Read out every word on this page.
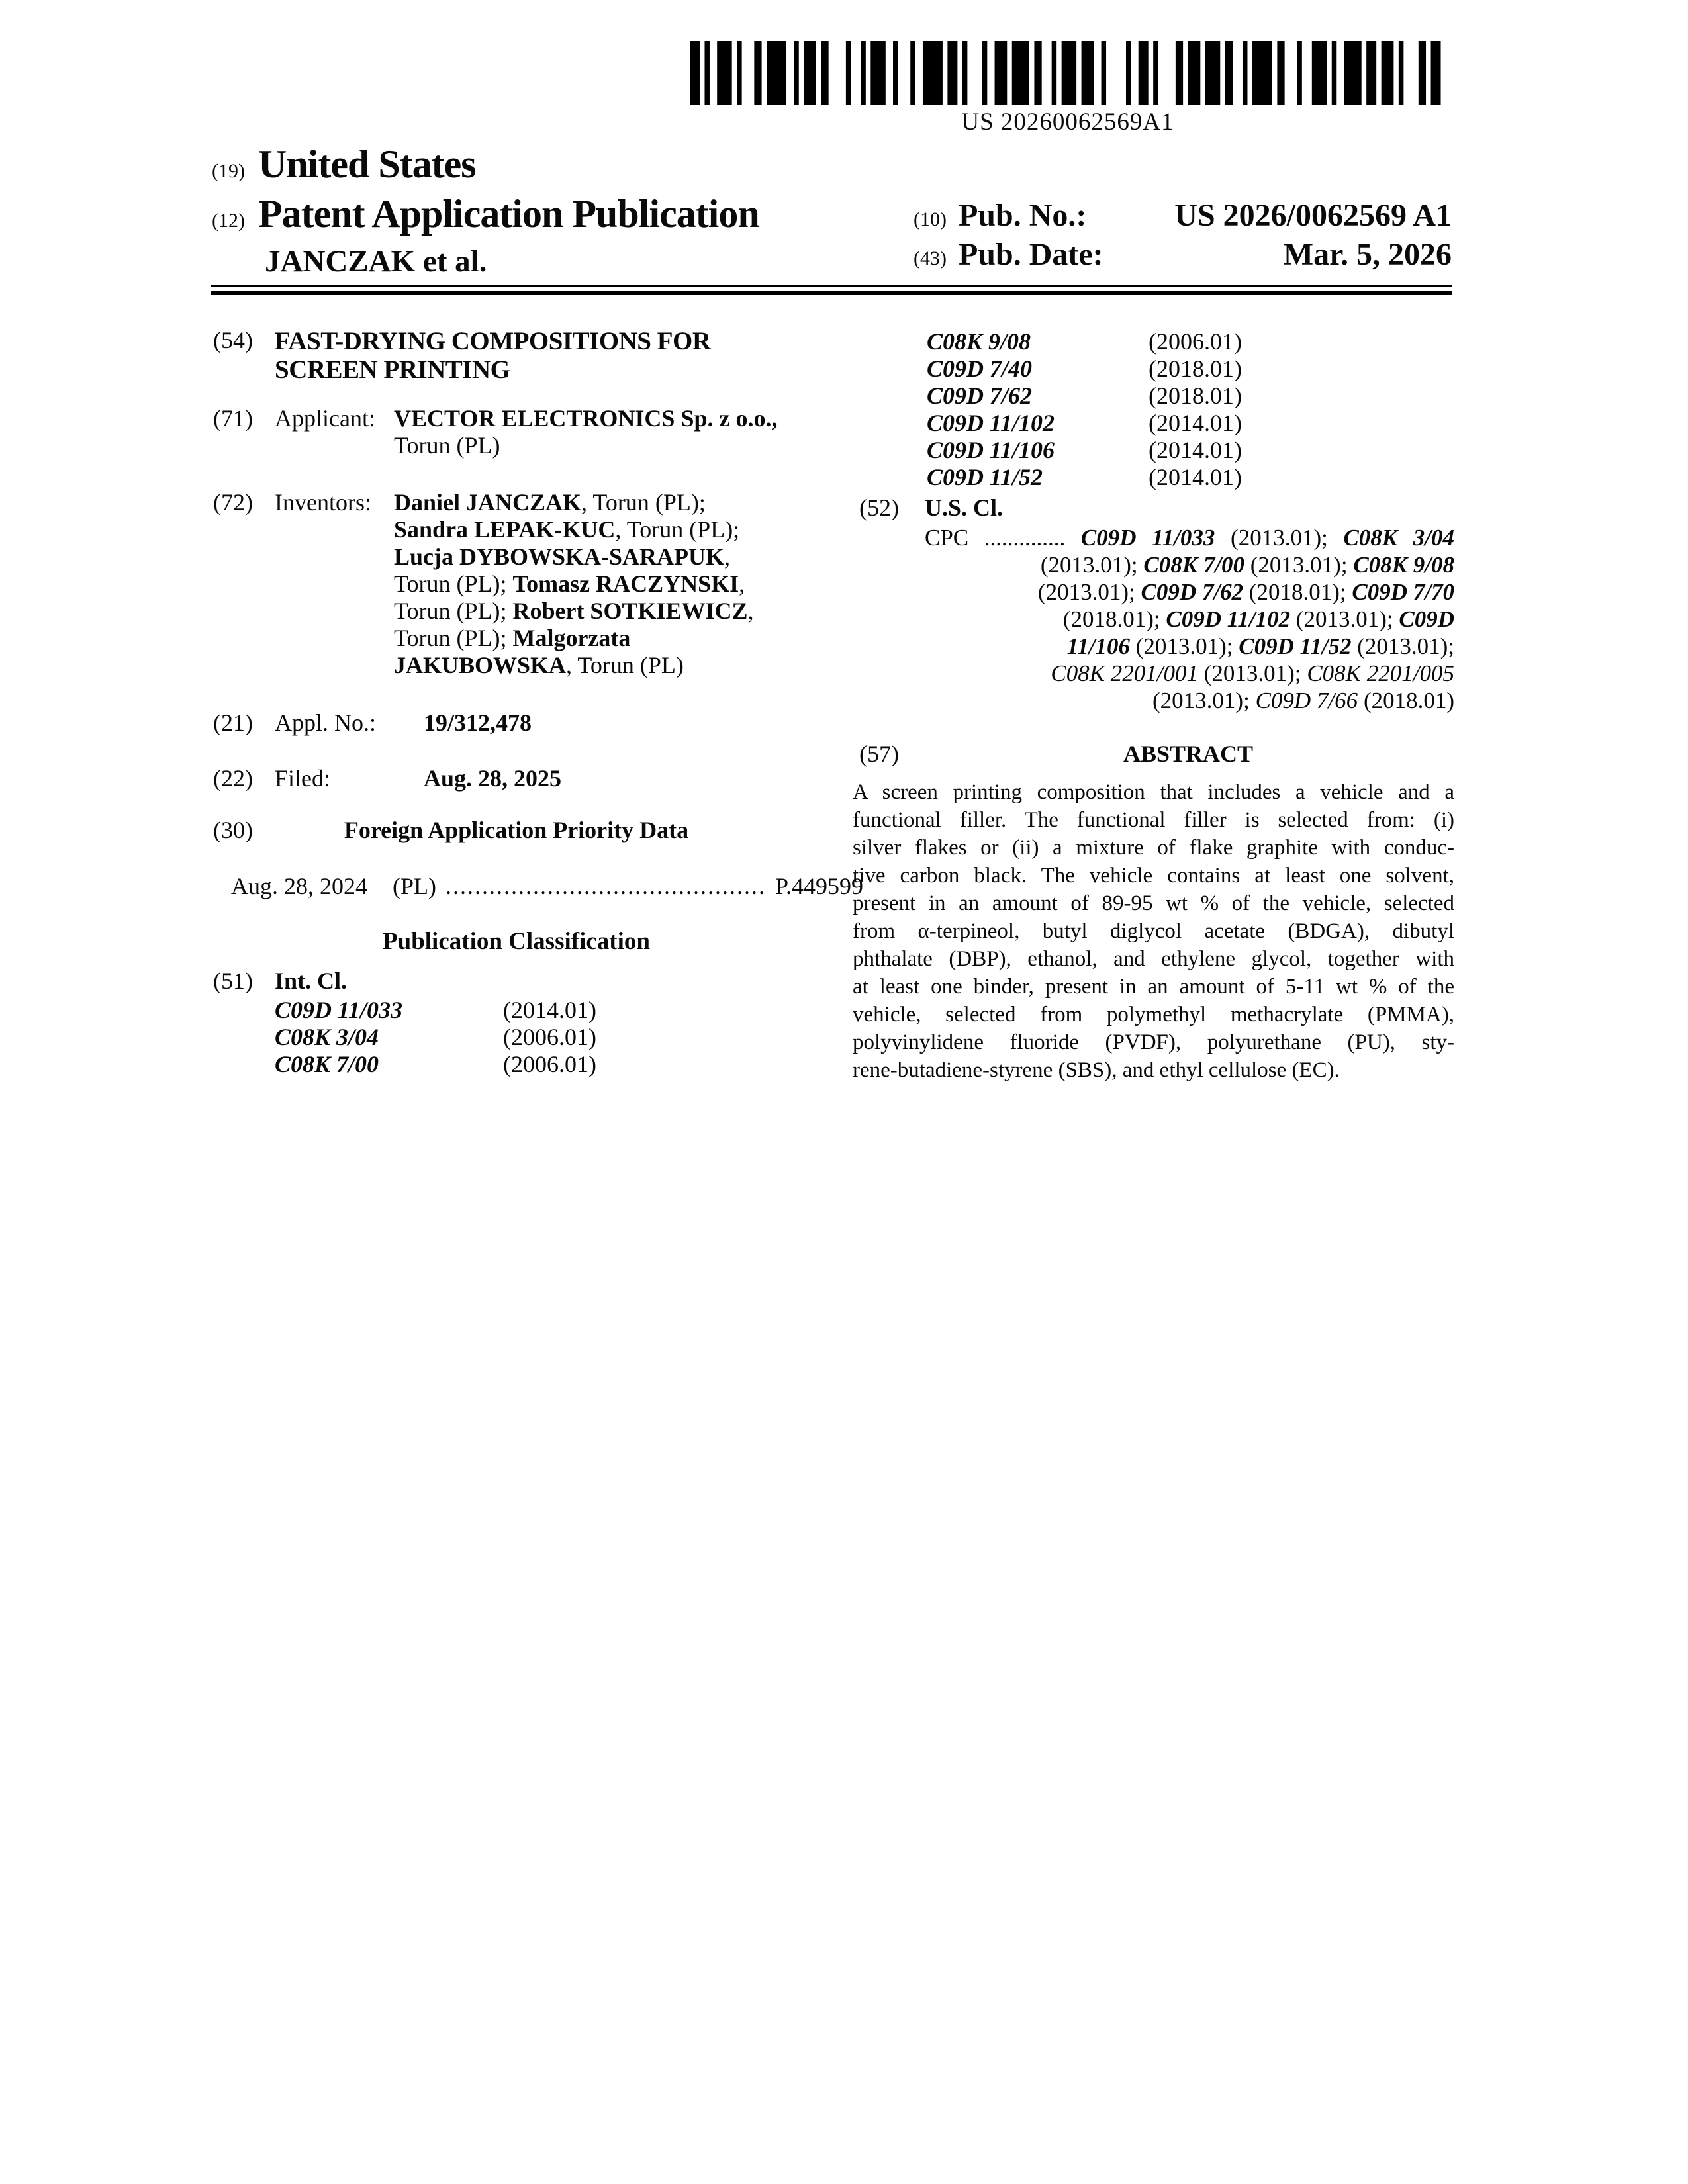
US 20260062569A1
(19) United States
(12) Patent Application Publication
JANCZAK et al.
(10) Pub. No.:	US 2026/0062569 A1
(43) Pub. Date:	Mar. 5, 2026
(54) FAST-DRYING COMPOSITIONS FOR
SCREEN PRINTING
(71) Applicant: VECTOR ELECTRONICS Sp. z o.o.,
Torun (PL)
(72) Inventors: Daniel JANCZAK, Torun (PL);
Sandra LEPAK-KUC, Torun (PL);
Lucja DYBOWSKA-SARAPUK,
Torun (PL); Tomasz RACZYNSKI,
Torun (PL); Robert SOTKIEWICZ,
Torun (PL); Malgorzata
JAKUBOWSKA, Torun (PL)
(21) Appl. No.:	19/312,478
(22) Filed:	Aug. 28, 2025
(30)	Foreign Application Priority Data
Aug. 28, 2024 (PL) ............................................ P.449599
Publication Classification
(51) Int. Cl.
C09D 11/033	(2014.01)
C08K 3/04	(2006.01)
C08K 7/00	(2006.01)
C08K 9/08	(2006.01)
C09D 7/40	(2018.01)
C09D 7/62	(2018.01)
C09D 11/102	(2014.01)
C09D 11/106	(2014.01)
C09D 11/52	(2014.01)
(52)	U.S. Cl.
CPC .............. C09D 11/033 (2013.01); C08K 3/04
(2013.01); C08K 7/00 (2013.01); C08K 9/08
(2013.01); C09D 7/62 (2018.01); C09D 7/70
(2018.01); C09D 11/102 (2013.01); C09D
11/106 (2013.01); C09D 11/52 (2013.01);
C08K 2201/001 (2013.01); C08K 2201/005
(2013.01); C09D 7/66 (2018.01)
(57)	ABSTRACT
A screen printing composition that includes a vehicle and a
functional filler. The functional filler is selected from: (i)
silver flakes or (ii) a mixture of flake graphite with conduc-
tive carbon black. The vehicle contains at least one solvent,
present in an amount of 89-95 wt % of the vehicle, selected
from α-terpineol, butyl diglycol acetate (BDGA), dibutyl
phthalate (DBP), ethanol, and ethylene glycol, together with
at least one binder, present in an amount of 5-11 wt % of the
vehicle, selected from polymethyl methacrylate (PMMA),
polyvinylidene fluoride (PVDF), polyurethane (PU), sty-
rene-butadiene-styrene (SBS), and ethyl cellulose (EC).
